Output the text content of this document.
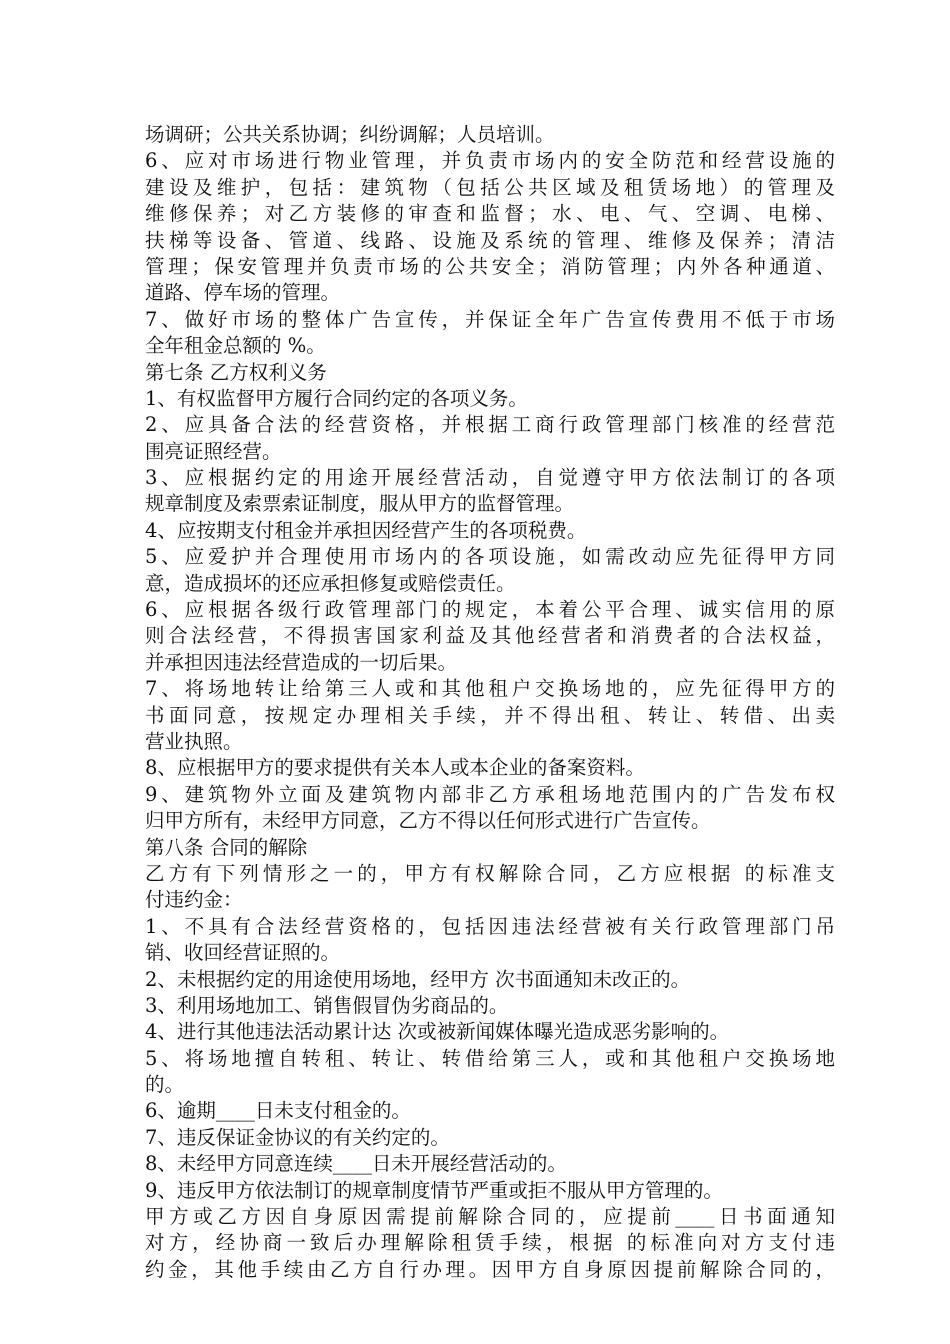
场调研；公共关系协调；纠纷调解；人员培训。
6、应对市场进行物业管理，并负责市场内的安全防范和经营设施的
建设及维护，包括：建筑物（包括公共区域及租赁场地）的管理及
维修保养；对乙方装修的审查和监督；水、电、气、空调、电梯、
扶梯等设备、管道、线路、设施及系统的管理、维修及保养；清洁
管理；保安管理并负责市场的公共安全；消防管理；内外各种通道、
道路、停车场的管理。
7、做好市场的整体广告宣传，并保证全年广告宣传费用不低于市场
全年租金总额的 %。
第七条 乙方权利义务
1、有权监督甲方履行合同约定的各项义务。
2、应具备合法的经营资格，并根据工商行政管理部门核准的经营范
围亮证照经营。
3、应根据约定的用途开展经营活动，自觉遵守甲方依法制订的各项
规章制度及索票索证制度，服从甲方的监督管理。
4、应按期支付租金并承担因经营产生的各项税费。
5、应爱护并合理使用市场内的各项设施，如需改动应先征得甲方同
意，造成损坏的还应承担修复或赔偿责任。
6、应根据各级行政管理部门的规定，本着公平合理、诚实信用的原
则合法经营，不得损害国家利益及其他经营者和消费者的合法权益，
并承担因违法经营造成的一切后果。
7、将场地转让给第三人或和其他租户交换场地的，应先征得甲方的
书面同意，按规定办理相关手续，并不得出租、转让、转借、出卖
营业执照。
8、应根据甲方的要求提供有关本人或本企业的备案资料。
9、建筑物外立面及建筑物内部非乙方承租场地范围内的广告发布权
归甲方所有，未经甲方同意，乙方不得以任何形式进行广告宣传。
第八条 合同的解除
乙方有下列情形之一的，甲方有权解除合同，乙方应根据 的标准支
付违约金：
1、不具有合法经营资格的，包括因违法经营被有关行政管理部门吊
销、收回经营证照的。
2、未根据约定的用途使用场地，经甲方 次书面通知未改正的。
3、利用场地加工、销售假冒伪劣商品的。
4、进行其他违法活动累计达 次或被新闻媒体曝光造成恶劣影响的。
5、将场地擅自转租、转让、转借给第三人，或和其他租户交换场地
的。
6、逾期____日未支付租金的。
7、违反保证金协议的有关约定的。
8、未经甲方同意连续____日未开展经营活动的。
9、违反甲方依法制订的规章制度情节严重或拒不服从甲方管理的。
甲方或乙方因自身原因需提前解除合同的，应提前____日书面通知
对方，经协商一致后办理解除租赁手续，根据 的标准向对方支付违
约金，其他手续由乙方自行办理。因甲方自身原因提前解除合同的，
